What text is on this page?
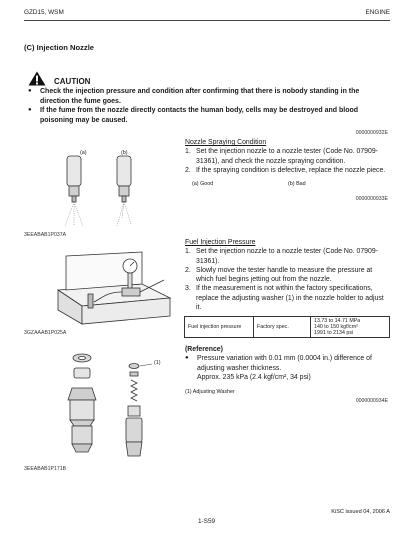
GZD15, WSM	ENGINE
(C) Injection Nozzle
CAUTION
● Check the injection pressure and condition after confirming that there is nobody standing in the direction the fume goes.
● If the fume from the nozzle directly contacts the human body, cells may be destroyed and blood poisoning may be caused.
0000000932E
Nozzle Spraying Condition
1. Set the injection nozzle to a nozzle tester (Code No. 07909-31361), and check the nozzle spraying condition.
2. If the spraying condition is defective, replace the nozzle piece.
(a) Good	(b) Bad
0000000933E
(a)	(b)
3EEABAB1P037A
Fuel Injection Pressure
1. Set the injection nozzle to a nozzle tester (Code No. 07909-31361).
2. Slowly move the tester handle to measure the pressure at which fuel begins jetting out from the nozzle.
3. If the measurement is not within the factory specifications, replace the adjusting washer (1) in the nozzle holder to adjust it.
Fuel injection pressure	Factory spec.	
13.73 to 14.71 MPa
140 to 150 kgf/cm²
1991 to 2134 psi
3GZAAAB1P025A
(Reference)
● Pressure variation with 0.01 mm (0.0004 in.) difference of adjusting washer thickness.
Approx. 235 kPa (2.4 kgf/cm², 34 psi)
(1) Adjusting Washer
0000000934E
(1)
3EEABAB1P171B
1-S59
KiSC issued 04, 2006 A
